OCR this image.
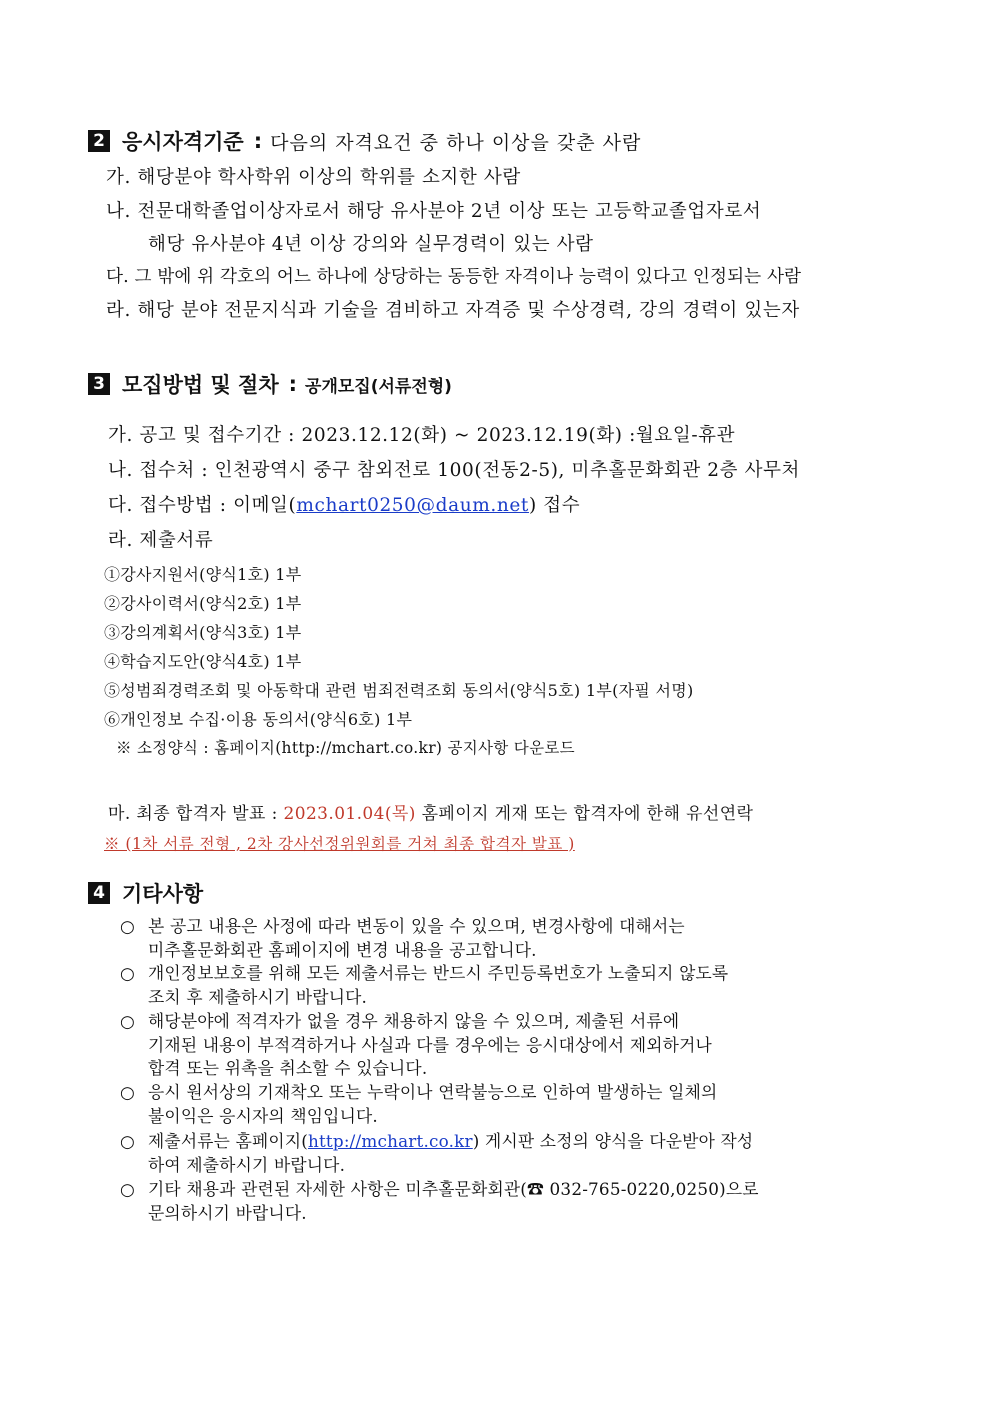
2 응시자격기준 : 다음의 자격요건 중 하나 이상을 갖춘 사람
가. 해당분야 학사학위 이상의 학위를 소지한 사람
나. 전문대학졸업이상자로서 해당 유사분야 2년 이상 또는 고등학교졸업자로서
해당 유사분야 4년 이상 강의와 실무경력이 있는 사람
다. 그 밖에 위 각호의 어느 하나에 상당하는 동등한 자격이나 능력이 있다고 인정되는 사람
라. 해당 분야 전문지식과 기술을 겸비하고 자격증 및 수상경력, 강의 경력이 있는자
3 모집방법 및 절차 : 공개모집(서류전형)
가. 공고 및 접수기간 : 2023.12.12(화) ~ 2023.12.19(화) :월요일-휴관
나. 접수처 : 인천광역시 중구 참외전로 100(전동2-5), 미추홀문화회관 2층 사무처
다. 접수방법 : 이메일(mchart0250@daum.net) 접수
라. 제출서류
①강사지원서(양식1호) 1부
②강사이력서(양식2호) 1부
③강의계획서(양식3호) 1부
④학습지도안(양식4호) 1부
⑤성범죄경력조회 및 아동학대 관련 범죄전력조회 동의서(양식5호) 1부(자필 서명)
⑥개인정보 수집·이용 동의서(양식6호) 1부
※ 소정양식 : 홈페이지(http://mchart.co.kr) 공지사항 다운로드
마. 최종 합격자 발표 : 2023.01.04(목) 홈페이지 게재 또는 합격자에 한해 유선연락
※ (1차 서류 전형 , 2차 강사선정위원회를 거쳐 최종 합격자 발표 )
4 기타사항
○ 본 공고 내용은 사정에 따라 변동이 있을 수 있으며, 변경사항에 대해서는
미추홀문화회관 홈페이지에 변경 내용을 공고합니다.
○ 개인정보보호를 위해 모든 제출서류는 반드시 주민등록번호가 노출되지 않도록
조치 후 제출하시기 바랍니다.
○ 해당분야에 적격자가 없을 경우 채용하지 않을 수 있으며, 제출된 서류에
기재된 내용이 부적격하거나 사실과 다를 경우에는 응시대상에서 제외하거나
합격 또는 위촉을 취소할 수 있습니다.
○ 응시 원서상의 기재착오 또는 누락이나 연락불능으로 인하여 발생하는 일체의
불이익은 응시자의 책임입니다.
○ 제출서류는 홈페이지(http://mchart.co.kr) 게시판 소정의 양식을 다운받아 작성
하여 제출하시기 바랍니다.
○ 기타 채용과 관련된 자세한 사항은 미추홀문화회관(☎ 032-765-0220,0250)으로
문의하시기 바랍니다.
